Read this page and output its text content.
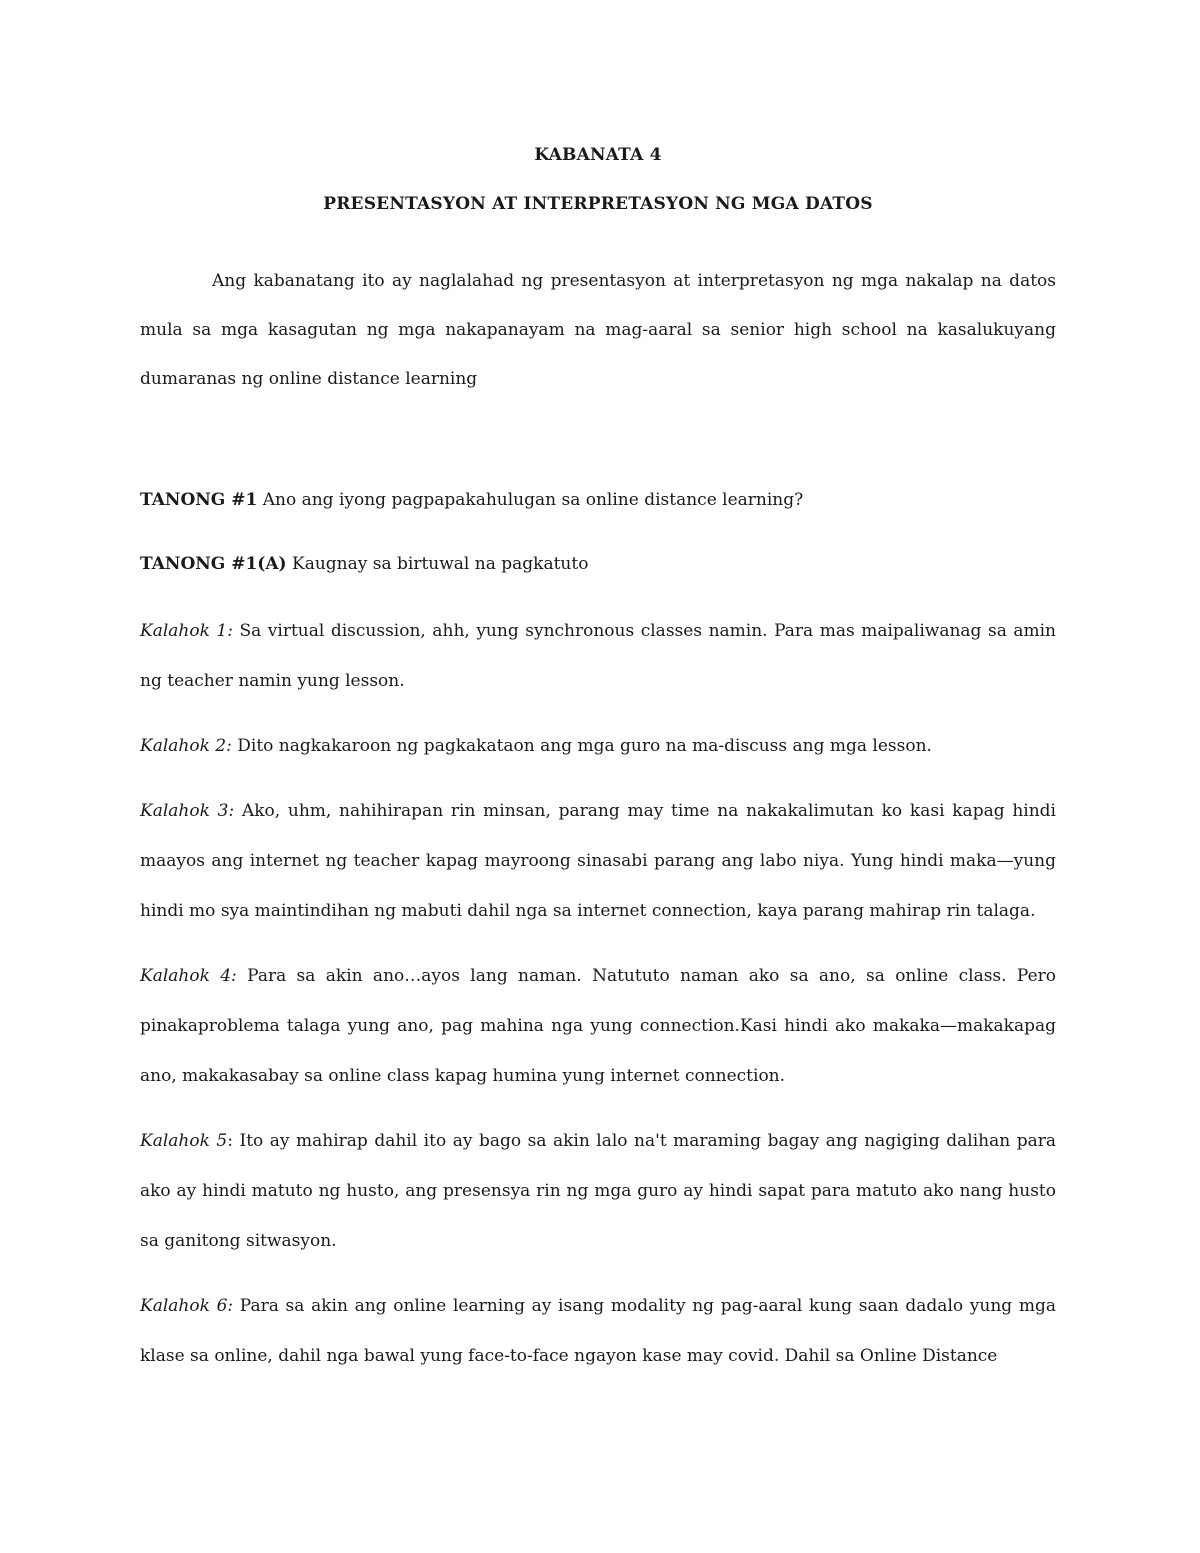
KABANATA 4
PRESENTASYON AT INTERPRETASYON NG MGA DATOS

Ang kabanatang ito ay naglalahad ng presentasyon at interpretasyon ng mga nakalap na datos mula sa mga kasagutan ng mga nakapanayam na mag-aaral sa senior high school na kasalukuyang dumaranas ng online distance learning

TANONG #1 Ano ang iyong pagpapakahulugan sa online distance learning?

TANONG #1(A) Kaugnay sa birtuwal na pagkatuto

Kalahok 1: Sa virtual discussion, ahh, yung synchronous classes namin. Para mas maipaliwanag sa amin ng teacher namin yung lesson.

Kalahok 2: Dito nagkakaroon ng pagkakataon ang mga guro na ma-discuss ang mga lesson.

Kalahok 3: Ako, uhm, nahihirapan rin minsan, parang may time na nakakalimutan ko kasi kapag hindi maayos ang internet ng teacher kapag mayroong sinasabi parang ang labo niya. Yung hindi maka—yung hindi mo sya maintindihan ng mabuti dahil nga sa internet connection, kaya parang mahirap rin talaga.

Kalahok 4: Para sa akin ano…ayos lang naman. Natututo naman ako sa ano, sa online class. Pero pinakaproblema talaga yung ano, pag mahina nga yung connection.Kasi hindi ako makaka—makakapag ano, makakasabay sa online class kapag humina yung internet connection.

Kalahok 5: Ito ay mahirap dahil ito ay bago sa akin lalo na't maraming bagay ang nagiging dalihan para ako ay hindi matuto ng husto, ang presensya rin ng mga guro ay hindi sapat para matuto ako nang husto sa ganitong sitwasyon.

Kalahok 6: Para sa akin ang online learning ay isang modality ng pag-aaral kung saan dadalo yung mga klase sa online, dahil nga bawal yung face-to-face ngayon kase may covid. Dahil sa Online Distance
